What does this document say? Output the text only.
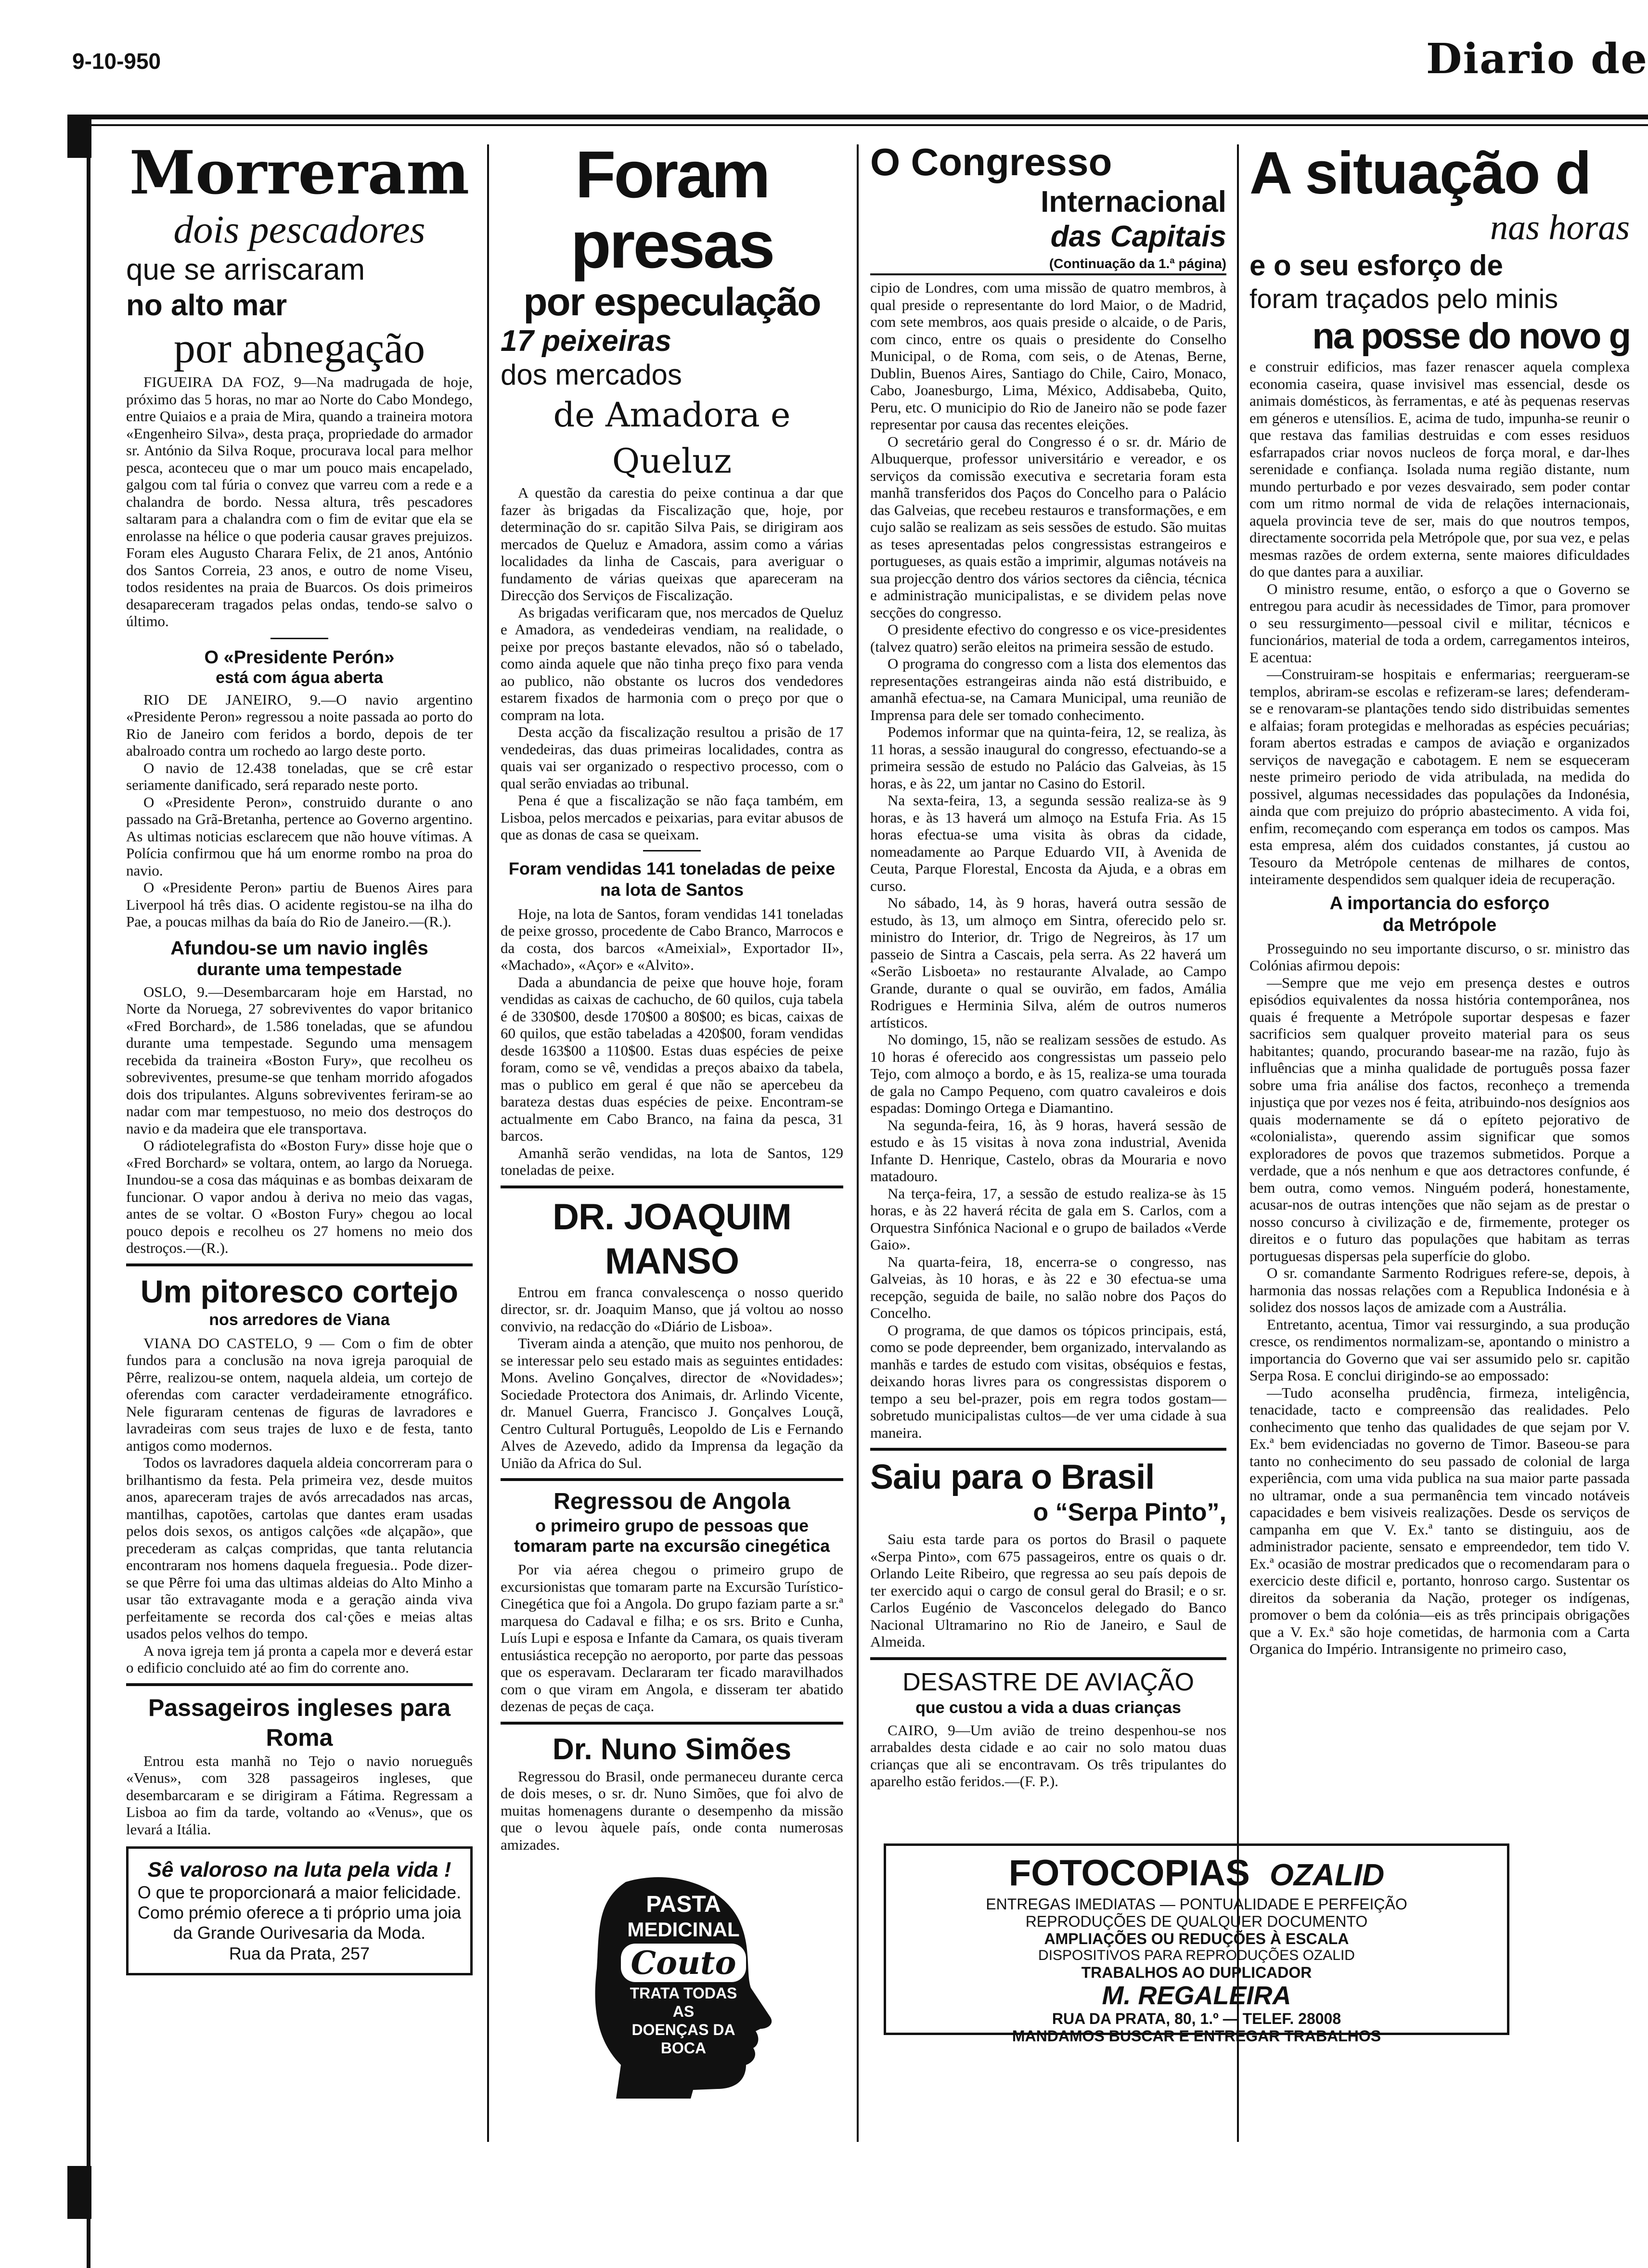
9-10-950	Diario de
Morreram
dois pescadores
que se arriscaram
no alto mar
por abnegação
FIGUEIRA DA FOZ, 9—Na madrugada de hoje, próximo das 5 horas, no mar ao Norte do Cabo Mondego, entre Quiaios e a praia de Mira, quando a traineira motora «Engenheiro Silva», desta praça, propriedade do armador sr. António da Silva Roque, procurava local para melhor pesca, aconteceu que o mar um pouco mais encapelado, galgou com tal fúria o convez que varreu com a rede e a chalandra de bordo. Nessa altura, três pescadores saltaram para a chalandra com o fim de evitar que ela se enrolasse na hélice o que poderia causar graves prejuizos. Foram eles Augusto Charara Felix, de 21 anos, António dos Santos Correia, 23 anos, e outro de nome Viseu, todos residentes na praia de Buarcos. Os dois primeiros desapareceram tragados pelas ondas, tendo-se salvo o último.
O «Presidente Perón»
está com água aberta

RIO DE JANEIRO, 9.—O navio argentino «Presidente Peron» regressou a noite passada ao porto do Rio de Janeiro com feridos a bordo, depois de ter abalroado contra um rochedo ao largo deste porto.

O navio de 12.438 toneladas, que se crê estar seriamente danificado, será reparado neste porto.

O «Presidente Peron», construido durante o ano passado na Grã-Bretanha, pertence ao Governo argentino. As ultimas noticias esclarecem que não houve vítimas. A Polícia confirmou que há um enorme rombo na proa do navio.

O «Presidente Peron» partiu de Buenos Aires para Liverpool há três dias. O acidente registou-se na ilha do Pae, a poucas milhas da baía do Rio de Janeiro.—(R.).

Afundou-se um navio inglês
durante uma tempestade

OSLO, 9.—Desembarcaram hoje em Harstad, no Norte da Noruega, 27 sobreviventes do vapor britanico «Fred Borchard», de 1.586 toneladas, que se afundou durante uma tempestade. Segundo uma mensagem recebida da traineira «Boston Fury», que recolheu os sobreviventes, presume-se que tenham morrido afogados dois dos tripulantes. Alguns sobreviventes feriram-se ao nadar com mar tempestuoso, no meio dos destroços do navio e da madeira que ele transportava.

O rádiotelegrafista do «Boston Fury» disse hoje que o «Fred Borchard» se voltara, ontem, ao largo da Noruega. Inundou-se a cosa das máquinas e as bombas deixaram de funcionar. O vapor andou à deriva no meio das vagas, antes de se voltar. O «Boston Fury» chegou ao local pouco depois e recolheu os 27 homens no meio dos destroços.—(R.).

Um pitoresco cortejo
nos arredores de Viana

VIANA DO CASTELO, 9 — Com o fim de obter fundos para a conclusão na nova igreja paroquial de Pêrre, realizou-se ontem, naquela aldeia, um cortejo de oferendas com caracter verdadeiramente etnográfico. Nele figuraram centenas de figuras de lavradores e lavradeiras com seus trajes de luxo e de festa, tanto antigos como modernos.

Todos os lavradores daquela aldeia concorreram para o brilhantismo da festa. Pela primeira vez, desde muitos anos, apareceram trajes de avós arrecadados nas arcas, mantilhas, capotões, cartolas que dantes eram usadas pelos dois sexos, os antigos calções «de alçapão», que precederam as calças compridas, que tanta relutancia encontraram nos homens daquela freguesia.. Pode dizer-se que Pêrre foi uma das ultimas aldeias do Alto Minho a usar tão extravagante moda e a geração ainda viva perfeitamente se recorda dos cal·ções e meias altas usados pelos velhos do tempo.

A nova igreja tem já pronta a capela mor e deverá estar o edificio concluido até ao fim do corrente ano.

Passageiros ingleses para Roma

Entrou esta manhã no Tejo o navio norueguês «Venus», com 328 passageiros ingleses, que desembarcaram e se dirigiram a Fátima. Regressam a Lisboa ao fim da tarde, voltando ao «Venus», que os levará a Itália.

Sê valoroso na luta pela vida !
O que te proporcionará a maior felicidade. Como prémio oferece a ti próprio uma joia da Grande Ourivesaria da Moda.
Rua da Prata, 257
Foram presas
por especulação
17 peixeiras
dos mercados
de Amadora e Queluz

A questão da carestia do peixe continua a dar que fazer às brigadas da Fiscalização que, hoje, por determinação do sr. capitão Silva Pais, se dirigiram aos mercados de Queluz e Amadora, assim como a várias localidades da linha de Cascais, para averiguar o fundamento de várias queixas que apareceram na Direcção dos Serviços de Fiscalização.

As brigadas verificaram que, nos mercados de Queluz e Amadora, as vendedeiras vendiam, na realidade, o peixe por preços bastante elevados, não só o tabelado, como ainda aquele que não tinha preço fixo para venda ao publico, não obstante os lucros dos vendedores estarem fixados de harmonia com o preço por que o compram na lota.

Desta acção da fiscalização resultou a prisão de 17 vendedeiras, das duas primeiras localidades, contra as quais vai ser organizado o respectivo processo, com o qual serão enviadas ao tribunal.

Pena é que a fiscalização se não faça também, em Lisboa, pelos mercados e peixarias, para evitar abusos de que as donas de casa se queixam.

Foram vendidas 141 toneladas de peixe na lota de Santos

Hoje, na lota de Santos, foram vendidas 141 toneladas de peixe grosso, procedente de Cabo Branco, Marrocos e da costa, dos barcos «Ameixial», Exportador II», «Machado», «Açor» e «Alvito».

Dada a abundancia de peixe que houve hoje, foram vendidas as caixas de cachucho, de 60 quilos, cuja tabela é de 330$00, desde 170$00 a 80$00; es bicas, caixas de 60 quilos, que estão tabeladas a 420$00, foram vendidas desde 163$00 a 110$00. Estas duas espécies de peixe foram, como se vê, vendidas a preços abaixo da tabela, mas o publico em geral é que não se apercebeu da barateza destas duas espécies de peixe. Encontram-se actualmente em Cabo Branco, na faina da pesca, 31 barcos.

Amanhã serão vendidas, na lota de Santos, 129 toneladas de peixe.

DR. JOAQUIM MANSO

Entrou em franca convalescença o nosso querido director, sr. dr. Joaquim Manso, que já voltou ao nosso convivio, na redacção do «Diário de Lisboa».

Tiveram ainda a atenção, que muito nos penhorou, de se interessar pelo seu estado mais as seguintes entidades: Mons. Avelino Gonçalves, director de «Novidades»; Sociedade Protectora dos Animais, dr. Arlindo Vicente, dr. Manuel Guerra, Francisco J. Gonçalves Louçã, Centro Cultural Português, Leopoldo de Lis e Fernando Alves de Azevedo, adido da Imprensa da legação da União da Africa do Sul.

Regressou de Angola
o primeiro grupo de pessoas que tomaram parte na excursão cinegética

Por via aérea chegou o primeiro grupo de excursionistas que tomaram parte na Excursão Turístico-Cinegética que foi a Angola. Do grupo faziam parte a sr.ª marquesa do Cadaval e filha; e os srs. Brito e Cunha, Luís Lupi e esposa e Infante da Camara, os quais tiveram entusiástica recepção no aeroporto, por parte das pessoas que os esperavam. Declararam ter ficado maravilhados com o que viram em Angola, e disseram ter abatido dezenas de peças de caça.

Dr. Nuno Simões

Regressou do Brasil, onde permaneceu durante cerca de dois meses, o sr. dr. Nuno Simões, que foi alvo de muitas homenagens durante o desempenho da missão que o levou àquele país, onde conta numerosas amizades.

PASTA
MEDICINAL
Couto
TRATA TODAS
AS
DOENÇAS DA
BOCA
O Congresso
Internacional
das Capitais
(Continuação da 1.ª página)

cipio de Londres, com uma missão de quatro membros, à qual preside o representante do lord Maior, o de Madrid, com sete membros, aos quais preside o alcaide, o de Paris, com cinco, entre os quais o presidente do Conselho Municipal, o de Roma, com seis, o de Atenas, Berne, Dublin, Buenos Aires, Santiago do Chile, Cairo, Monaco, Cabo, Joanesburgo, Lima, México, Addisabeba, Quito, Peru, etc. O municipio do Rio de Janeiro não se pode fazer representar por causa das recentes eleições.

O secretário geral do Congresso é o sr. dr. Mário de Albuquerque, professor universitário e vereador, e os serviços da comissão executiva e secretaria foram esta manhã transferidos dos Paços do Concelho para o Palácio das Galveias, que recebeu restauros e transformações, e em cujo salão se realizam as seis sessões de estudo. São muitas as teses apresentadas pelos congressistas estrangeiros e portugueses, as quais estão a imprimir, algumas notáveis na sua projecção dentro dos vários sectores da ciência, técnica e administração municipalistas, e se dividem pelas nove secções do congresso.

O presidente efectivo do congresso e os vice-presidentes (talvez quatro) serão eleitos na primeira sessão de estudo.

O programa do congresso com a lista dos elementos das representações estrangeiras ainda não está distribuido, e amanhã efectua-se, na Camara Municipal, uma reunião de Imprensa para dele ser tomado conhecimento.

Podemos informar que na quinta-feira, 12, se realiza, às 11 horas, a sessão inaugural do congresso, efectuando-se a primeira sessão de estudo no Palácio das Galveias, às 15 horas, e às 22, um jantar no Casino do Estoril.

Na sexta-feira, 13, a segunda sessão realiza-se às 9 horas, e às 13 haverá um almoço na Estufa Fria. As 15 horas efectua-se uma visita às obras da cidade, nomeadamente ao Parque Eduardo VII, à Avenida de Ceuta, Parque Florestal, Encosta da Ajuda, e a obras em curso.

No sábado, 14, às 9 horas, haverá outra sessão de estudo, às 13, um almoço em Sintra, oferecido pelo sr. ministro do Interior, dr. Trigo de Negreiros, às 17 um passeio de Sintra a Cascais, pela serra. As 22 haverá um «Serão Lisboeta» no restaurante Alvalade, ao Campo Grande, durante o qual se ouvirão, em fados, Amália Rodrigues e Herminia Silva, além de outros numeros artísticos.

No domingo, 15, não se realizam sessões de estudo. As 10 horas é oferecido aos congressistas um passeio pelo Tejo, com almoço a bordo, e às 15, realiza-se uma tourada de gala no Campo Pequeno, com quatro cavaleiros e dois espadas: Domingo Ortega e Diamantino.

Na segunda-feira, 16, às 9 horas, haverá sessão de estudo e às 15 visitas à nova zona industrial, Avenida Infante D. Henrique, Castelo, obras da Mouraria e novo matadouro.

Na terça-feira, 17, a sessão de estudo realiza-se às 15 horas, e às 22 haverá récita de gala em S. Carlos, com a Orquestra Sinfónica Nacional e o grupo de bailados «Verde Gaio».

Na quarta-feira, 18, encerra-se o congresso, nas Galveias, às 10 horas, e às 22 e 30 efectua-se uma recepção, seguida de baile, no salão nobre dos Paços do Concelho.

O programa, de que damos os tópicos principais, está, como se pode depreender, bem organizado, intervalando as manhãs e tardes de estudo com visitas, obséquios e festas, deixando horas livres para os congressistas disporem o tempo a seu bel-prazer, pois em regra todos gostam—sobretudo municipalistas cultos—de ver uma cidade à sua maneira.

Saiu para o Brasil
o “Serpa Pinto”,

Saiu esta tarde para os portos do Brasil o paquete «Serpa Pinto», com 675 passageiros, entre os quais o dr. Orlando Leite Ribeiro, que regressa ao seu país depois de ter exercido aqui o cargo de consul geral do Brasil; e o sr. Carlos Eugénio de Vasconcelos delegado do Banco Nacional Ultramarino no Rio de Janeiro, e Saul de Almeida.

DESASTRE DE AVIAÇÃO
que custou a vida a duas crianças

CAIRO, 9—Um avião de treino despenhou-se nos arrabaldes desta cidade e ao cair no solo matou duas crianças que ali se encontravam. Os três tripulantes do aparelho estão feridos.—(F. P.).

A situação d
nas horas
e o seu esforço de
foram traçados pelo minis
na posse do novo g

e construir edificios, mas fazer renascer aquela complexa economia caseira, quase invisivel mas essencial, desde os animais domésticos, às ferramentas, e até às pequenas reservas em géneros e utensílios. E, acima de tudo, impunha-se reunir o que restava das familias destruidas e com esses residuos esfarrapados criar novos nucleos de força moral, e dar-lhes serenidade e confiança. Isolada numa região distante, num mundo perturbado e por vezes desvairado, sem poder contar com um ritmo normal de vida de relações internacionais, aquela provincia teve de ser, mais do que noutros tempos, directamente socorrida pela Metrópole que, por sua vez, e pelas mesmas razões de ordem externa, sente maiores dificuldades do que dantes para a auxiliar.

O ministro resume, então, o esforço a que o Governo se entregou para acudir às necessidades de Timor, para promover o seu ressurgimento—pessoal civil e militar, técnicos e funcionários, material de toda a ordem, carregamentos inteiros, E acentua:

—Construiram-se hospitais e enfermarias; reergueram-se templos, abriram-se escolas e refizeram-se lares; defenderam-se e renovaram-se plantações tendo sido distribuidas sementes e alfaias; foram protegidas e melhoradas as espécies pecuárias; foram abertos estradas e campos de aviação e organizados serviços de navegação e cabotagem. E nem se esqueceram neste primeiro periodo de vida atribulada, na medida do possivel, algumas necessidades das populações da Indonésia, ainda que com prejuizo do próprio abastecimento. A vida foi, enfim, recomeçando com esperança em todos os campos. Mas esta empresa, além dos cuidados constantes, já custou ao Tesouro da Metrópole centenas de milhares de contos, inteiramente despendidos sem qualquer ideia de recuperação.

A importancia do esforço
da Metrópole

Prosseguindo no seu importante discurso, o sr. ministro das Colónias afirmou depois:

—Sempre que me vejo em presença destes e outros episódios equivalentes da nossa história contemporânea, nos quais é frequente a Metrópole suportar despesas e fazer sacrificios sem qualquer proveito material para os seus habitantes; quando, procurando basear-me na razão, fujo às influências que a minha qualidade de português possa fazer sobre uma fria análise dos factos, reconheço a tremenda injustiça que por vezes nos é feita, atribuindo-nos desígnios aos quais modernamente se dá o epíteto pejorativo de «colonialista», querendo assim significar que somos exploradores de povos que trazemos submetidos. Porque a verdade, que a nós nenhum e que aos detractores confunde, é bem outra, como vemos. Ninguém poderá, honestamente, acusar-nos de outras intenções que não sejam as de prestar o nosso concurso à civilização e de, firmemente, proteger os direitos e o futuro das populações que habitam as terras portuguesas dispersas pela superfície do globo.

O sr. comandante Sarmento Rodrigues refere-se, depois, à harmonia das nossas relações com a Republica Indonésia e à solidez dos nossos laços de amizade com a Austrália.

Entretanto, acentua, Timor vai ressurgindo, a sua produção cresce, os rendimentos normalizam-se, apontando o ministro a importancia do Governo que vai ser assumido pelo sr. capitão Serpa Rosa. E conclui dirigindo-se ao empossado:

—Tudo aconselha prudência, firmeza, inteligência, tenacidade, tacto e compreensão das realidades. Pelo conhecimento que tenho das qualidades de que sejam por V. Ex.ª bem evidenciadas no governo de Timor. Baseou-se para tanto no conhecimento do seu passado de colonial de larga experiência, com uma vida publica na sua maior parte passada no ultramar, onde a sua permanência tem vincado notáveis capacidades e bem visiveis realizações. Desde os serviços de campanha em que V. Ex.ª tanto se distinguiu, aos de administrador paciente, sensato e empreendedor, tem tido V. Ex.ª ocasião de mostrar predicados que o recomendaram para o exercicio deste dificil e, portanto, honroso cargo. Sustentar os direitos da soberania da Nação, proteger os indígenas, promover o bem da colónia—eis as três principais obrigações que a V. Ex.ª são hoje cometidas, de harmonia com a Carta Organica do Império. Intransigente no primeiro caso,

FOTOCOPIAS OZALID
ENTREGAS IMEDIATAS — PONTUALIDADE E PERFEIÇÃO
REPRODUÇÕES DE QUALQUER DOCUMENTO
AMPLIAÇÕES OU REDUÇÕES À ESCALA
DISPOSITIVOS PARA REPRODUÇÕES OZALID
TRABALHOS AO DUPLICADOR
M. REGALEIRA
RUA DA PRATA, 80, 1.º — TELEF. 28008
MANDAMOS BUSCAR E ENTREGAR TRABALHOS
